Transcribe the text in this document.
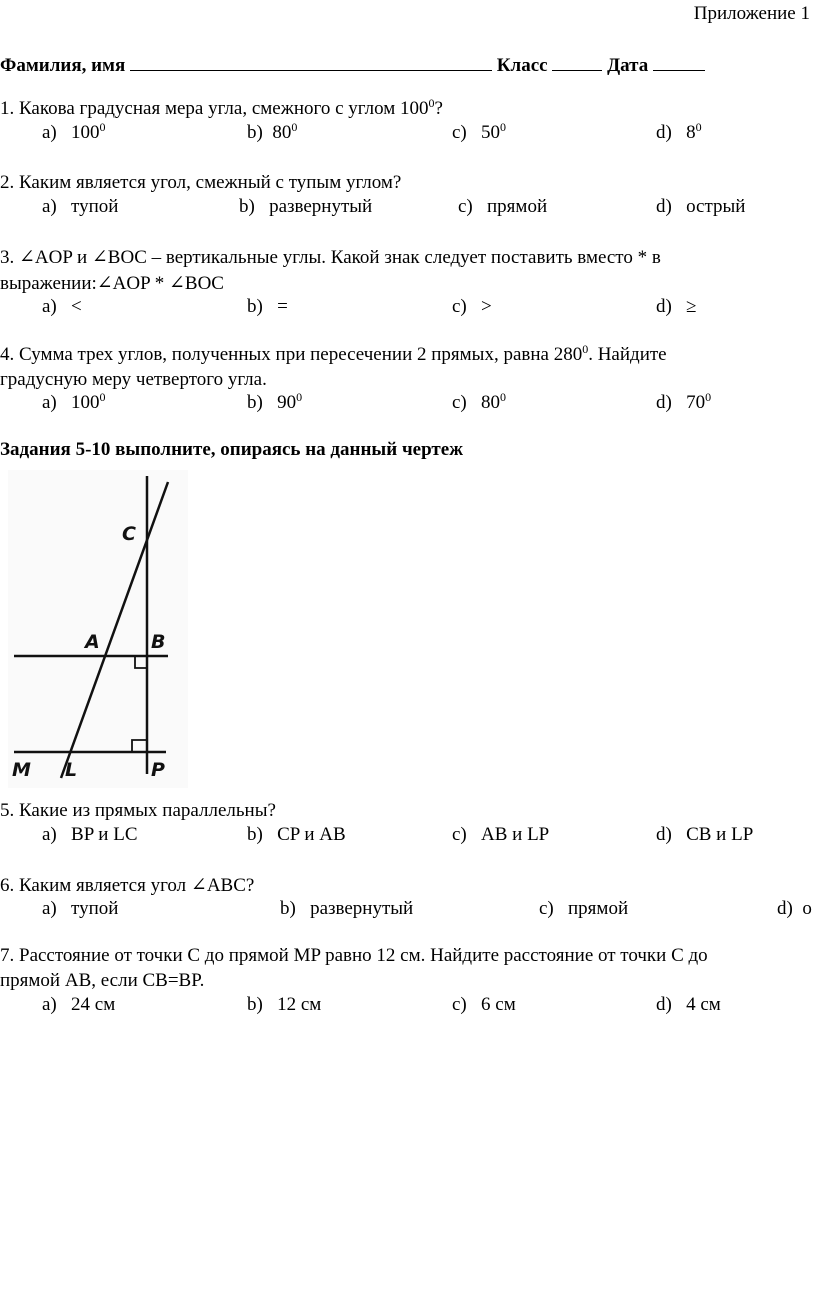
Приложение 1
Фамилия, имя	Класс	Дата
1. Какова градусная мера угла, смежного с углом $100^0$?
a) $100^0$	b) $80^0$	c) $50^0$	d) $8^0$
2. Каким является угол, смежный с тупым углом?
a) тупой	b) развернутый	c) прямой	d) острый
3. ∠AOP и ∠BOC – вертикальные углы. Какой знак следует поставить вместо * в
выражении:∠AOP * ∠BOC
a) <	b) =	c) >	d) ≥
4. Сумма трех углов, полученных при пересечении 2 прямых, равна $280^0$. Найдите
градусную меру четвертого угла.
a) $100^0$	b) $90^0$	c) $80^0$	d) $70^0$
Задания 5-10 выполните, опираясь на данный чертеж
C
A	B
M L	P
5. Какие из прямых параллельны?
a) BP и LC	b) CP и AB	c) AB и LP	d) CB и LP
6. Каким является угол ∠ABC?
a) тупой	b) развернутый	c) прямой	d) о
7. Расстояние от точки С до прямой MP равно 12 см. Найдите расстояние от точки С до
прямой AB, если CB=BP.
a) 24 см	b) 12 см	c) 6 см	d) 4 см
